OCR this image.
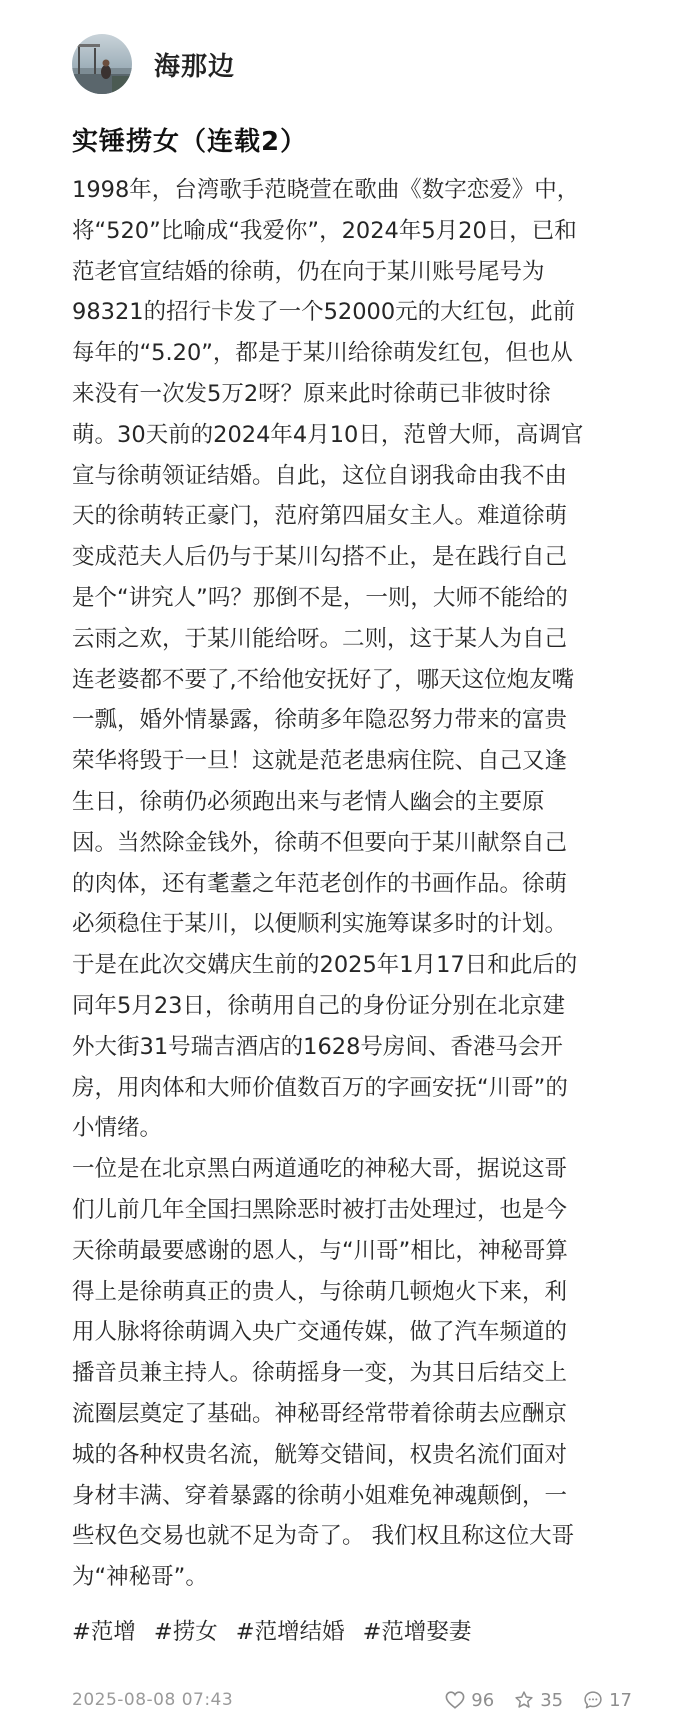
海那边
实锤捞女（连载2）
1998年，台湾歌手范晓萱在歌曲《数字恋爱》中，
将“520”比喻成“我爱你”，2024年5月20日，已和
范老官宣结婚的徐萌，仍在向于某川账号尾号为
98321的招行卡发了一个52000元的大红包，此前
每年的“5.20”，都是于某川给徐萌发红包，但也从
来没有一次发5万2呀？原来此时徐萌已非彼时徐
萌。30天前的2024年4月10日，范曾大师，高调官
宣与徐萌领证结婚。自此，这位自诩我命由我不由
天的徐萌转正豪门，范府第四届女主人。难道徐萌
变成范夫人后仍与于某川勾搭不止，是在践行自己
是个“讲究人”吗？那倒不是，一则，大师不能给的
云雨之欢，于某川能给呀。二则，这于某人为自己
连老婆都不要了,不给他安抚好了，哪天这位炮友嘴
一瓢，婚外情暴露，徐萌多年隐忍努力带来的富贵
荣华将毁于一旦！这就是范老患病住院、自己又逢
生日，徐萌仍必须跑出来与老情人幽会的主要原
因。当然除金钱外，徐萌不但要向于某川献祭自己
的肉体，还有耄耋之年范老创作的书画作品。徐萌
必须稳住于某川，以便顺利实施筹谋多时的计划。
于是在此次交媾庆生前的2025年1月17日和此后的
同年5月23日，徐萌用自己的身份证分别在北京建
外大街31号瑞吉酒店的1628号房间、香港马会开
房，用肉体和大师价值数百万的字画安抚“川哥”的
小情绪。
一位是在北京黑白两道通吃的神秘大哥，据说这哥
们儿前几年全国扫黑除恶时被打击处理过，也是今
天徐萌最要感谢的恩人，与“川哥”相比，神秘哥算
得上是徐萌真正的贵人，与徐萌几顿炮火下来，利
用人脉将徐萌调入央广交通传媒，做了汽车频道的
播音员兼主持人。徐萌摇身一变，为其日后结交上
流圈层奠定了基础。神秘哥经常带着徐萌去应酬京
城的各种权贵名流，觥筹交错间，权贵名流们面对
身材丰满、穿着暴露的徐萌小姐难免神魂颠倒，一
些权色交易也就不足为奇了。 我们权且称这位大哥
为“神秘哥”。
#范增 #捞女 #范增结婚 #范增娶妻
2025-08-08 07:43	96	35	17
